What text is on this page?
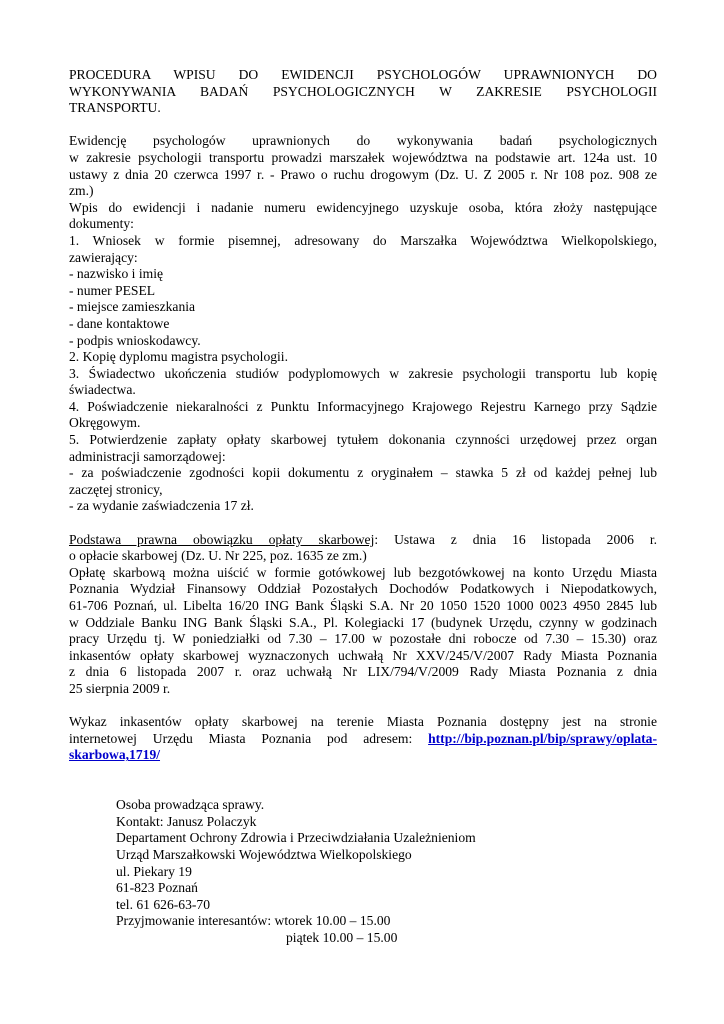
PROCEDURA WPISU DO EWIDENCJI PSYCHOLOGÓW UPRAWNIONYCH DO
WYKONYWANIA BADAŃ PSYCHOLOGICZNYCH W ZAKRESIE PSYCHOLOGII
TRANSPORTU.
Ewidencję psychologów uprawnionych do wykonywania badań psychologicznych
w zakresie psychologii transportu prowadzi marszałek województwa na podstawie art. 124a ust. 10
ustawy z dnia 20 czerwca 1997 r. - Prawo o ruchu drogowym (Dz. U. Z 2005 r. Nr 108 poz. 908 ze
zm.)
Wpis do ewidencji i nadanie numeru ewidencyjnego uzyskuje osoba, która złoży następujące
dokumenty:
1. Wniosek w formie pisemnej, adresowany do Marszałka Województwa Wielkopolskiego,
zawierający:
- nazwisko i imię
- numer PESEL
- miejsce zamieszkania
- dane kontaktowe
- podpis wnioskodawcy.
2. Kopię dyplomu magistra psychologii.
3. Świadectwo ukończenia studiów podyplomowych w zakresie psychologii transportu lub kopię
świadectwa.
4. Poświadczenie niekaralności z Punktu Informacyjnego Krajowego Rejestru Karnego przy Sądzie
Okręgowym.
5. Potwierdzenie zapłaty opłaty skarbowej tytułem dokonania czynności urzędowej przez organ
administracji samorządowej:
- za poświadczenie zgodności kopii dokumentu z oryginałem – stawka 5 zł od każdej pełnej lub
zaczętej stronicy,
- za wydanie zaświadczenia 17 zł.
Podstawa prawna obowiązku opłaty skarbowej: Ustawa z dnia 16 listopada 2006 r.
o opłacie skarbowej (Dz. U. Nr 225, poz. 1635 ze zm.)
Opłatę skarbową można uiścić w formie gotówkowej lub bezgotówkowej na konto Urzędu Miasta
Poznania Wydział Finansowy Oddział Pozostałych Dochodów Podatkowych i Niepodatkowych,
61-706 Poznań, ul. Libelta 16/20 ING Bank Śląski S.A. Nr 20 1050 1520 1000 0023 4950 2845 lub
w Oddziale Banku ING Bank Śląski S.A., Pl. Kolegiacki 17 (budynek Urzędu, czynny w godzinach
pracy Urzędu tj. W poniedziałki od 7.30 – 17.00 w pozostałe dni robocze od 7.30 – 15.30) oraz
inkasentów opłaty skarbowej wyznaczonych uchwałą Nr XXV/245/V/2007 Rady Miasta Poznania
z dnia 6 listopada 2007 r. oraz uchwałą Nr LIX/794/V/2009 Rady Miasta Poznania z dnia
25 sierpnia 2009 r.
Wykaz inkasentów opłaty skarbowej na terenie Miasta Poznania dostępny jest na stronie
internetowej Urzędu Miasta Poznania pod adresem: http://bip.poznan.pl/bip/sprawy/oplata-
skarbowa,1719/
Osoba prowadząca sprawy.
Kontakt: Janusz Polaczyk
Departament Ochrony Zdrowia i Przeciwdziałania Uzależnieniom
Urząd Marszałkowski Województwa Wielkopolskiego
ul. Piekary 19
61-823 Poznań
tel. 61 626-63-70
Przyjmowanie interesantów: wtorek 10.00 – 15.00
piątek 10.00 – 15.00
